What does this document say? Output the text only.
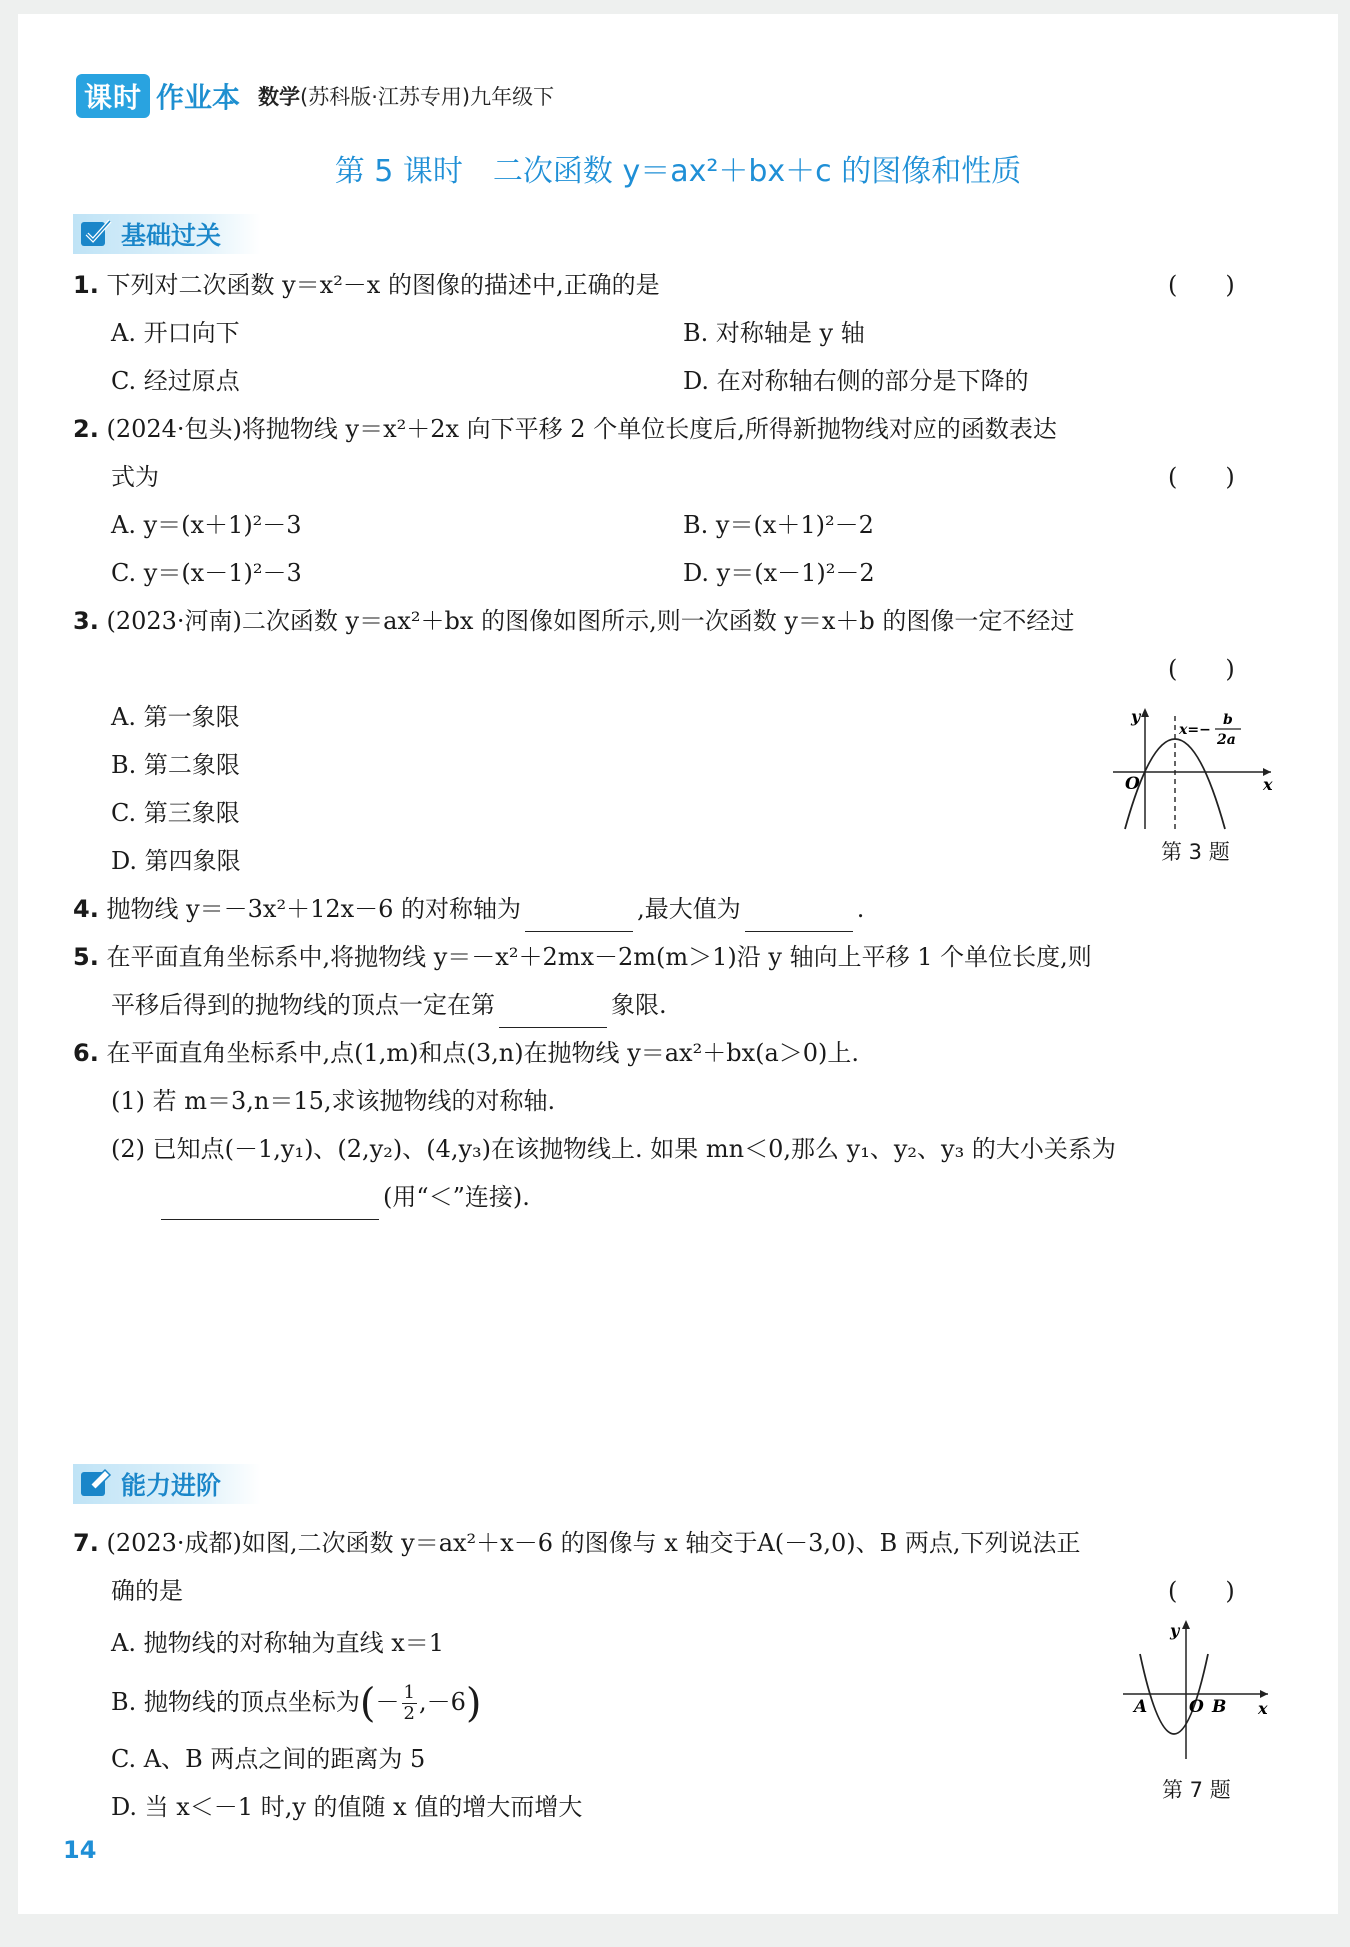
课时 作业本 数学(苏科版·江苏专用)九年级下
第 5 课时　二次函数 y＝ax²＋bx＋c 的图像和性质
基础过关
1. 下列对二次函数 y＝x²－x 的图像的描述中,正确的是	(　　)
A. 开口向下	B. 对称轴是 y 轴
C. 经过原点	D. 在对称轴右侧的部分是下降的
2. (2024·包头)将抛物线 y＝x²＋2x 向下平移 2 个单位长度后,所得新抛物线对应的函数表达
式为	(　　)
A. y＝(x＋1)²－3	B. y＝(x＋1)²－2
C. y＝(x－1)²－3	D. y＝(x－1)²－2
3. (2023·河南)二次函数 y＝ax²＋bx 的图像如图所示,则一次函数 y＝x＋b 的图像一定不经过
(　　)
A. 第一象限
B. 第二象限
C. 第三象限
D. 第四象限
y
x
O
x=−
b
2a
第 3 题
4. 抛物线 y＝－3x²＋12x－6 的对称轴为	,最大值为	.
5. 在平面直角坐标系中,将抛物线 y＝－x²＋2mx－2m(m＞1)沿 y 轴向上平移 1 个单位长度,则
平移后得到的抛物线的顶点一定在第	象限.
6. 在平面直角坐标系中,点(1,m)和点(3,n)在抛物线 y＝ax²＋bx(a＞0)上.
(1) 若 m＝3,n＝15,求该抛物线的对称轴.
(2) 已知点(－1,y₁)、(2,y₂)、(4,y₃)在该抛物线上. 如果 mn＜0,那么 y₁、y₂、y₃ 的大小关系为
(用“＜”连接).
能力进阶
7. (2023·成都)如图,二次函数 y＝ax²＋x－6 的图像与 x 轴交于A(－3,0)、B 两点,下列说法正
确的是	(　　)
A. 抛物线的对称轴为直线 x＝1
B. 抛物线的顶点坐标为(－ $\frac{1}{2},-6$)
C. A、B 两点之间的距离为 5
D. 当 x＜－1 时,y 的值随 x 值的增大而增大
y
x
A O B
第 7 题
14
